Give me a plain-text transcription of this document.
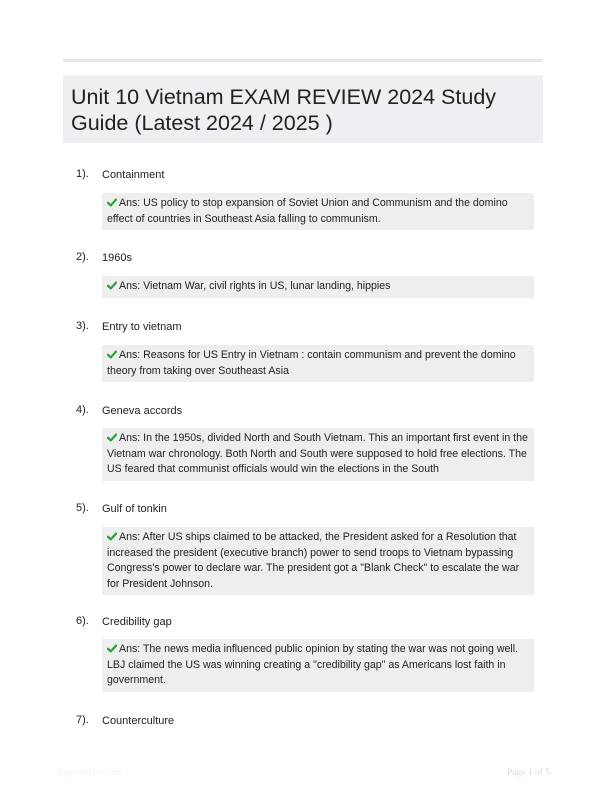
Unit 10 Vietnam EXAM REVIEW 2024 Study Guide (Latest 2024 / 2025 )
1). Containment
Ans: US policy to stop expansion of Soviet Union and Communism and the domino effect of countries in Southeast Asia falling to communism.
2). 1960s
Ans: Vietnam War, civil rights in US, lunar landing, hippies
3). Entry to vietnam
Ans: Reasons for US Entry in Vietnam : contain communism and prevent the domino theory from taking over Southeast Asia
4). Geneva accords
Ans: In the 1950s, divided North and South Vietnam. This an important first event in the Vietnam war chronology. Both North and South were supposed to hold free elections. The US feared that communist officials would win the elections in the South
5). Gulf of tonkin
Ans: After US ships claimed to be attacked, the President asked for a Resolution that increased the president (executive branch) power to send troops to Vietnam bypassing Congress's power to declare war. The president got a "Blank Check" to escalate the war for President Johnson.
6). Credibility gap
Ans: The news media influenced public opinion by stating the war was not going well. LBJ claimed the US was winning creating a "credibility gap" as Americans lost faith in government.
7). Counterculture
Paperstudio.com	Page 1 of 5
